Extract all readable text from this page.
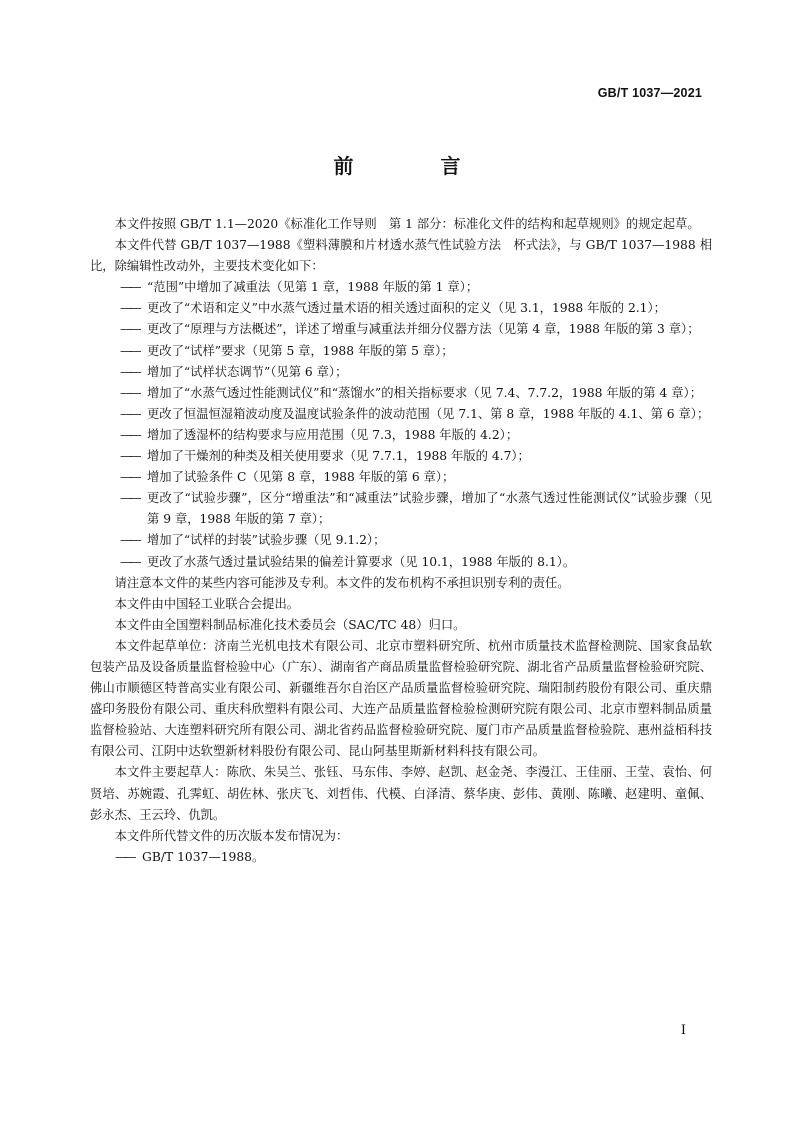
GB/T 1037—2021
前 言

本文件按照 GB/T 1.1—2020《标准化工作导则　第 1 部分：标准化文件的结构和起草规则》的规定起草。

本文件代替 GB/T 1037—1988《塑料薄膜和片材透水蒸气性试验方法　杯式法》，与 GB/T 1037—1988 相比，除编辑性改动外，主要技术变化如下：

—— “范围”中增加了减重法（见第 1 章，1988 年版的第 1 章）；

—— 更改了“术语和定义”中水蒸气透过量术语的相关透过面积的定义（见 3.1，1988 年版的 2.1）；

—— 更改了“原理与方法概述”，详述了增重与减重法并细分仪器方法（见第 4 章，1988 年版的第 3 章）；

—— 更改了“试样”要求（见第 5 章，1988 年版的第 5 章）；

—— 增加了“试样状态调节”（见第 6 章）；

—— 增加了“水蒸气透过性能测试仪”和“蒸馏水”的相关指标要求（见 7.4、7.7.2，1988 年版的第 4 章）；

—— 更改了恒温恒湿箱波动度及温度试验条件的波动范围（见 7.1、第 8 章，1988 年版的 4.1、第 6 章）；

—— 增加了透湿杯的结构要求与应用范围（见 7.3，1988 年版的 4.2）；

—— 增加了干燥剂的种类及相关使用要求（见 7.7.1，1988 年版的 4.7）；

—— 增加了试验条件 C（见第 8 章，1988 年版的第 6 章）；

—— 更改了“试验步骤”，区分“增重法”和“减重法”试验步骤，增加了“水蒸气透过性能测试仪”试验步骤（见第 9 章，1988 年版的第 7 章）；

—— 增加了“试样的封装”试验步骤（见 9.1.2）；

—— 更改了水蒸气透过量试验结果的偏差计算要求（见 10.1，1988 年版的 8.1）。

请注意本文件的某些内容可能涉及专利。本文件的发布机构不承担识别专利的责任。

本文件由中国轻工业联合会提出。

本文件由全国塑料制品标准化技术委员会（SAC/TC 48）归口。

本文件起草单位：济南兰光机电技术有限公司、北京市塑料研究所、杭州市质量技术监督检测院、国家食品软包装产品及设备质量监督检验中心（广东）、湖南省产商品质量监督检验研究院、湖北省产品质量监督检验研究院、佛山市顺德区特普高实业有限公司、新疆维吾尔自治区产品质量监督检验研究院、瑞阳制药股份有限公司、重庆鼎盛印务股份有限公司、重庆科欣塑料有限公司、大连产品质量监督检验检测研究院有限公司、北京市塑料制品质量监督检验站、大连塑料研究所有限公司、湖北省药品监督检验研究院、厦门市产品质量监督检验院、惠州益栢科技有限公司、江阴中达软塑新材料股份有限公司、昆山阿基里斯新材料科技有限公司。

本文件主要起草人：陈欣、朱吴兰、张钰、马东伟、李婷、赵凯、赵金尧、李漫江、王佳丽、王莹、袁怡、何贤培、苏婉霞、孔霁虹、胡佐林、张庆飞、刘哲伟、代模、白泽清、蔡华庚、彭伟、黄刚、陈曦、赵建明、童佩、彭永杰、王云玲、仇凯。

本文件所代替文件的历次版本发布情况为：

—— GB/T 1037—1988。

I
